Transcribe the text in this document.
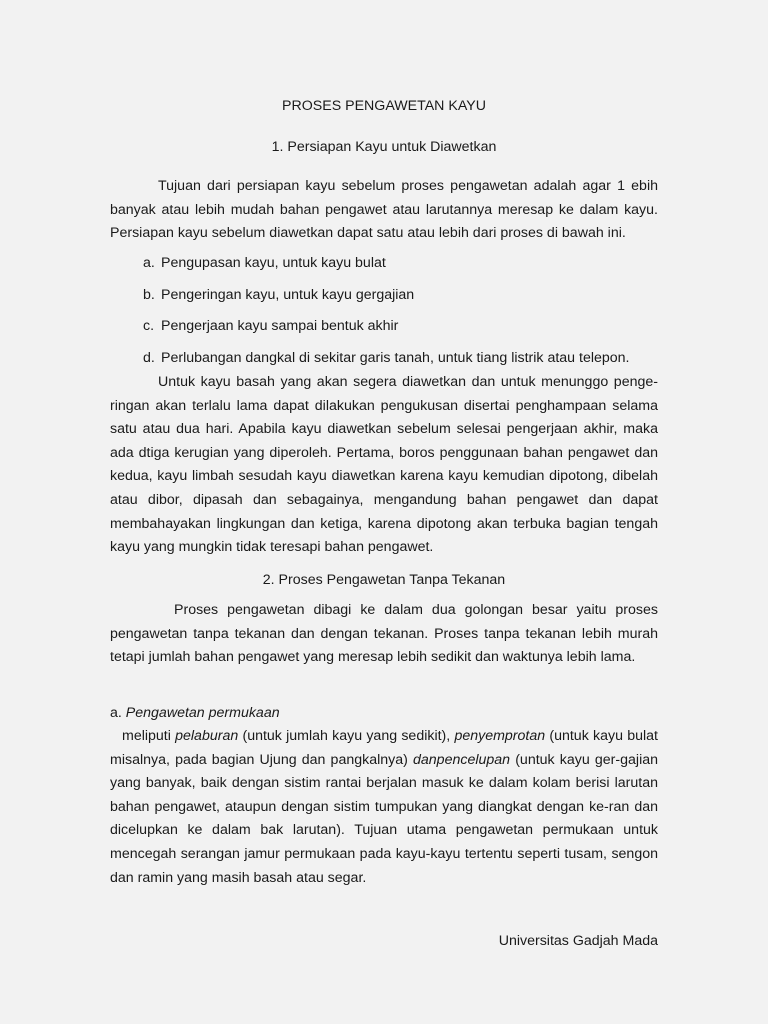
PROSES PENGAWETAN KAYU

1. Persiapan Kayu untuk Diawetkan

Tujuan dari persiapan kayu sebelum proses pengawetan adalah agar 1 ebih banyak atau lebih mudah bahan pengawet atau larutannya meresap ke dalam kayu. Persiapan kayu sebelum diawetkan dapat satu atau lebih dari proses di bawah ini.

a. Pengupasan kayu, untuk kayu bulat

b. Pengeringan kayu, untuk kayu gergajian

c. Pengerjaan kayu sampai bentuk akhir

d. Perlubangan dangkal di sekitar garis tanah, untuk tiang listrik atau telepon.

Untuk kayu basah yang akan segera diawetkan dan untuk menunggo penge-ringan akan terlalu lama dapat dilakukan pengukusan disertai penghampaan selama satu atau dua hari. Apabila kayu diawetkan sebelum selesai pengerjaan akhir, maka ada dtiga kerugian yang diperoleh. Pertama, boros penggunaan bahan pengawet dan kedua, kayu limbah sesudah kayu diawetkan karena kayu kemudian dipotong, dibelah atau dibor, dipasah dan sebagainya, mengandung bahan pengawet dan dapat membahayakan lingkungan dan ketiga, karena dipotong akan terbuka bagian tengah kayu yang mungkin tidak teresapi bahan pengawet.

2. Proses Pengawetan Tanpa Tekanan

Proses pengawetan dibagi ke dalam dua golongan besar yaitu proses pengawetan tanpa tekanan dan dengan tekanan. Proses tanpa tekanan lebih murah tetapi jumlah bahan pengawet yang meresap lebih sedikit dan waktunya lebih lama.

a. Pengawetan permukaan

meliputi pelaburan (untuk jumlah kayu yang sedikit), penyemprotan (untuk kayu bulat misalnya, pada bagian Ujung dan pangkalnya) danpencelupan (untuk kayu ger-gajian yang banyak, baik dengan sistim rantai berjalan masuk ke dalam kolam berisi larutan bahan pengawet, ataupun dengan sistim tumpukan yang diangkat dengan ke-ran dan dicelupkan ke dalam bak larutan). Tujuan utama pengawetan permukaan untuk mencegah serangan jamur permukaan pada kayu-kayu tertentu seperti tusam, sengon dan ramin yang masih basah atau segar.

Universitas Gadjah Mada
